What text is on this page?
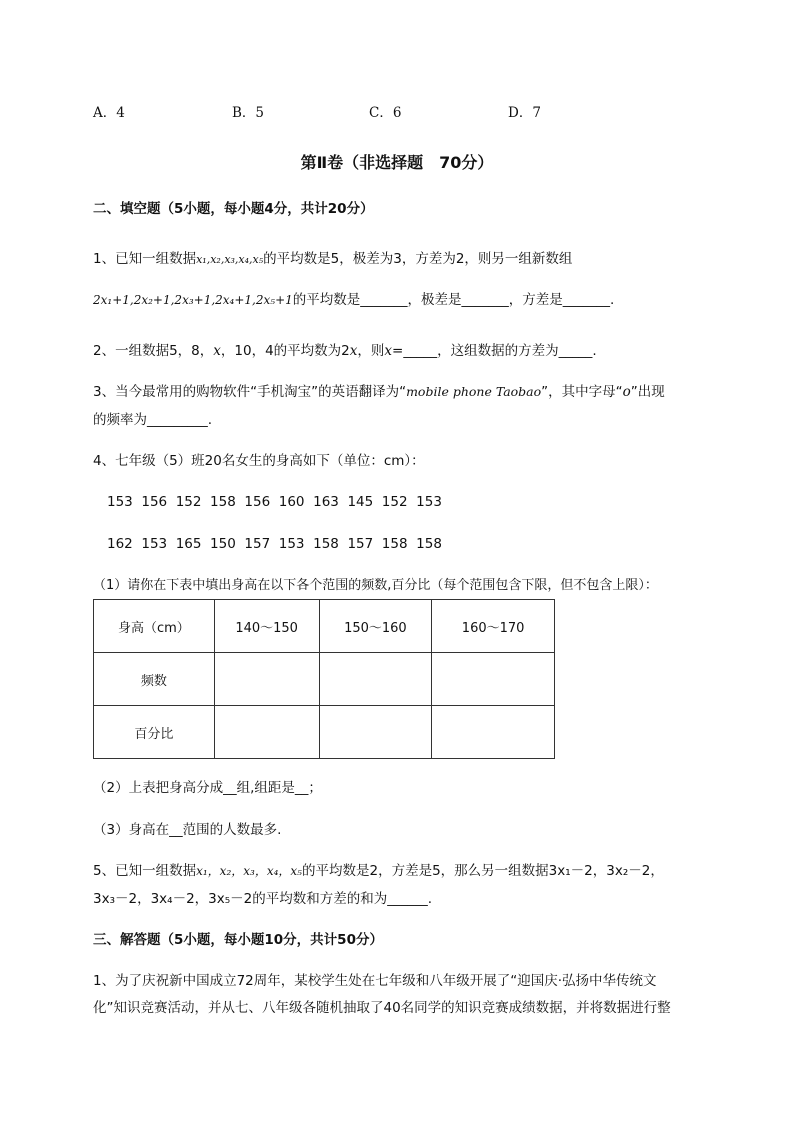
A．4	B．5	C．6	D．7
第Ⅱ卷（非选择题　70分）
二、填空题（5小题，每小题4分，共计20分）
1、已知一组数据x₁,x₂,x₃,x₄,x₅的平均数是5，极差为3，方差为2，则另一组新数组
2x₁+1,2x₂+1,2x₃+1,2x₄+1,2x₅+1的平均数是_______，极差是_______，方差是_______.
2、一组数据5，8，x，10，4的平均数为2x，则x=_____，这组数据的方差为_____.
3、当今最常用的购物软件“手机淘宝”的英语翻译为“mobile phone Taobao”，其中字母“o”出现
的频率为_________.
4、七年级（5）班20名女生的身高如下（单位：cm）：
153  156  152  158  156  160  163  145  152  153
162  153  165  150  157  153  158  157  158  158
（1）请你在下表中填出身高在以下各个范围的频数,百分比（每个范围包含下限，但不包含上限）：
身高（cm）	140～150	150～160	160～170
频数			
百分比			
（2）上表把身高分成__组,组距是__；
（3）身高在__范围的人数最多.
5、已知一组数据x₁，x₂，x₃，x₄，x₅的平均数是2，方差是5，那么另一组数据3x₁－2，3x₂－2，
3x₃－2，3x₄－2，3x₅－2的平均数和方差的和为______.
三、解答题（5小题，每小题10分，共计50分）
1、为了庆祝新中国成立72周年，某校学生处在七年级和八年级开展了“迎国庆·弘扬中华传统文
化”知识竞赛活动，并从七、八年级各随机抽取了40名同学的知识竞赛成绩数据，并将数据进行整
